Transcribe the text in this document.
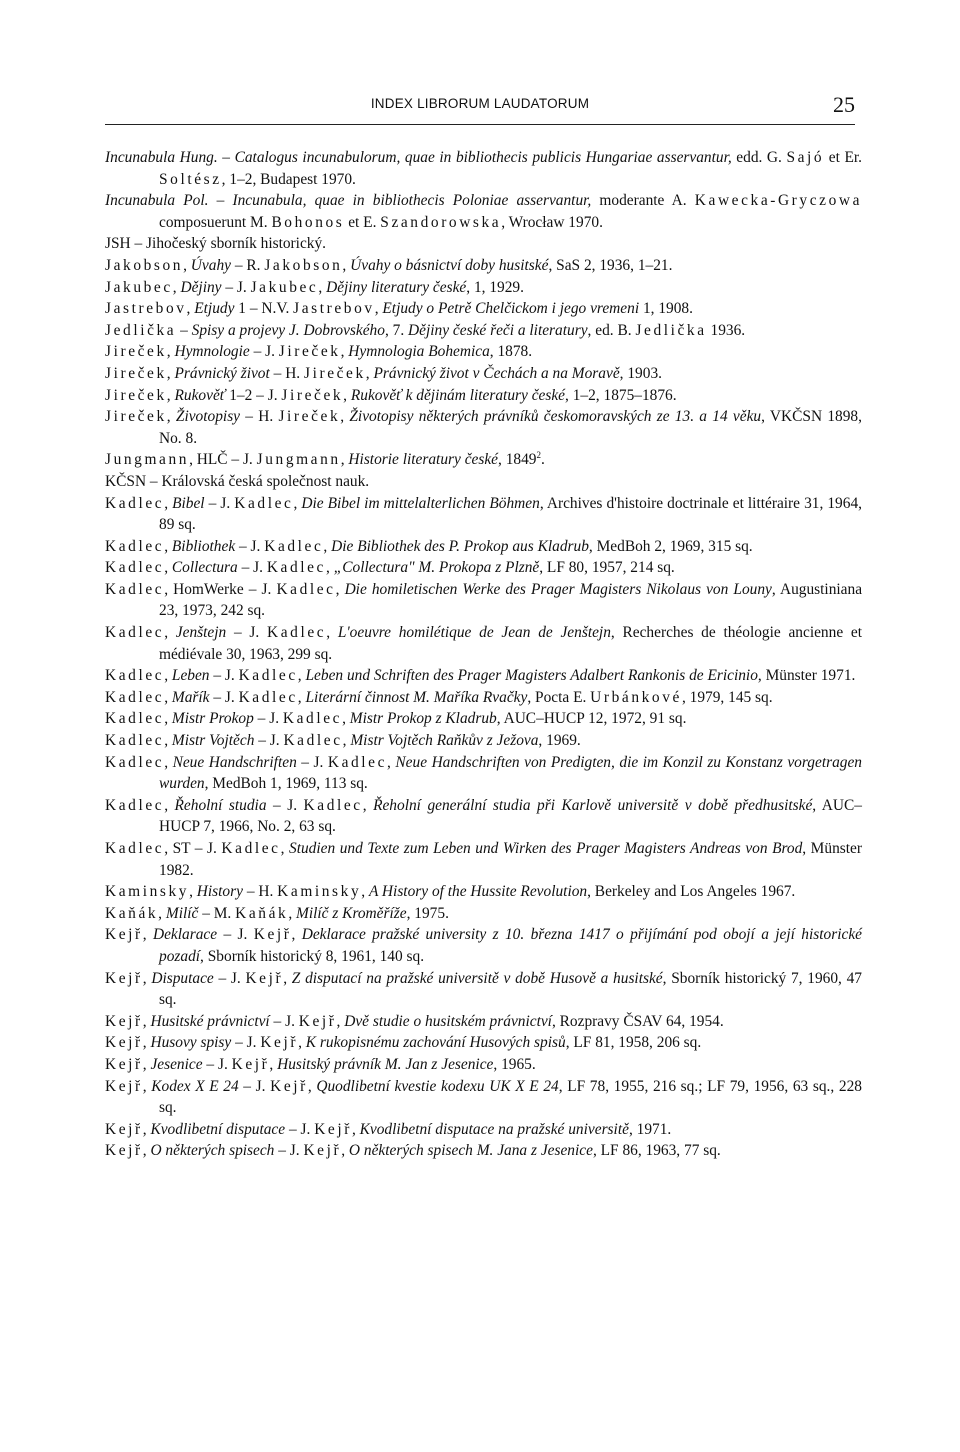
INDEX LIBRORUM LAUDATORUM	25

Incunabula Hung. – Catalogus incunabulorum, quae in bibliothecis publicis Hungariae asservantur, edd. G. Sajó et Er. Soltész, 1–2, Budapest 1970.

Incunabula Pol. – Incunabula, quae in bibliothecis Poloniae asservantur, moderante A. Kawecka-Gryczowa composuerunt M. Bohonos et E. Szandorowska, Wrocław 1970.

JSH – Jihočeský sborník historický.

Jakobson, Úvahy – R. Jakobson, Úvahy o básnictví doby husitské, SaS 2, 1936, 1–21.

Jakubec, Dějiny – J. Jakubec, Dějiny literatury české, 1, 1929.

Jastrebov, Etjudy 1 – N.V. Jastrebov, Etjudy o Petrě Chelčickom i jego vremeni 1, 1908.

Jedlička – Spisy a projevy J. Dobrovského, 7. Dějiny české řeči a literatury, ed. B. Jedlička 1936.

Jireček, Hymnologie – J. Jireček, Hymnologia Bohemica, 1878.

Jireček, Právnický život – H. Jireček, Právnický život v Čechách a na Moravě, 1903.

Jireček, Rukověť 1–2 – J. Jireček, Rukověť k dějinám literatury české, 1–2, 1875–1876.

Jireček, Životopisy – H. Jireček, Životopisy některých právníků českomoravských ze 13. a 14 věku, VKČSN 1898, No. 8.

Jungmann, HLČ – J. Jungmann, Historie literatury české, 1849$^2$.

KČSN – Královská česká společnost nauk.

Kadlec, Bibel – J. Kadlec, Die Bibel im mittelalterlichen Böhmen, Archives d'histoire doctrinale et littéraire 31, 1964, 89 sq.

Kadlec, Bibliothek – J. Kadlec, Die Bibliothek des P. Prokop aus Kladrub, MedBoh 2, 1969, 315 sq.

Kadlec, Collectura – J. Kadlec, „Collectura" M. Prokopa z Plzně, LF 80, 1957, 214 sq.

Kadlec, HomWerke – J. Kadlec, Die homiletischen Werke des Prager Magisters Nikolaus von Louny, Augustiniana 23, 1973, 242 sq.

Kadlec, Jenštejn – J. Kadlec, L'oeuvre homilétique de Jean de Jenštejn, Recherches de théologie ancienne et médiévale 30, 1963, 299 sq.

Kadlec, Leben – J. Kadlec, Leben und Schriften des Prager Magisters Adalbert Rankonis de Ericinio, Münster 1971.

Kadlec, Mařík – J. Kadlec, Literární činnost M. Maříka Rvačky, Pocta E. Urbánkové, 1979, 145 sq.

Kadlec, Mistr Prokop – J. Kadlec, Mistr Prokop z Kladrub, AUC–HUCP 12, 1972, 91 sq.

Kadlec, Mistr Vojtěch – J. Kadlec, Mistr Vojtěch Raňkův z Ježova, 1969.

Kadlec, Neue Handschriften – J. Kadlec, Neue Handschriften von Predigten, die im Konzil zu Konstanz vorgetragen wurden, MedBoh 1, 1969, 113 sq.

Kadlec, Řeholní studia – J. Kadlec, Řeholní generální studia při Karlově universitě v době předhusitské, AUC–HUCP 7, 1966, No. 2, 63 sq.

Kadlec, ST – J. Kadlec, Studien und Texte zum Leben und Wirken des Prager Magisters Andreas von Brod, Münster 1982.

Kaminsky, History – H. Kaminsky, A History of the Hussite Revolution, Berkeley and Los Angeles 1967.

Kaňák, Milíč – M. Kaňák, Milíč z Kroměříže, 1975.

Kejř, Deklarace – J. Kejř, Deklarace pražské university z 10. března 1417 o přijímání pod obojí a její historické pozadí, Sborník historický 8, 1961, 140 sq.

Kejř, Disputace – J. Kejř, Z disputací na pražské universitě v době Husově a husitské, Sborník historický 7, 1960, 47 sq.

Kejř, Husitské právnictví – J. Kejř, Dvě studie o husitském právnictví, Rozpravy ČSAV 64, 1954.

Kejř, Husovy spisy – J. Kejř, K rukopisnému zachování Husových spisů, LF 81, 1958, 206 sq.

Kejř, Jesenice – J. Kejř, Husitský právník M. Jan z Jesenice, 1965.

Kejř, Kodex X E 24 – J. Kejř, Quodlibetní kvestie kodexu UK X E 24, LF 78, 1955, 216 sq.; LF 79, 1956, 63 sq., 228 sq.

Kejř, Kvodlibetní disputace – J. Kejř, Kvodlibetní disputace na pražské universitě, 1971.

Kejř, O některých spisech – J. Kejř, O některých spisech M. Jana z Jesenice, LF 86, 1963, 77 sq.
